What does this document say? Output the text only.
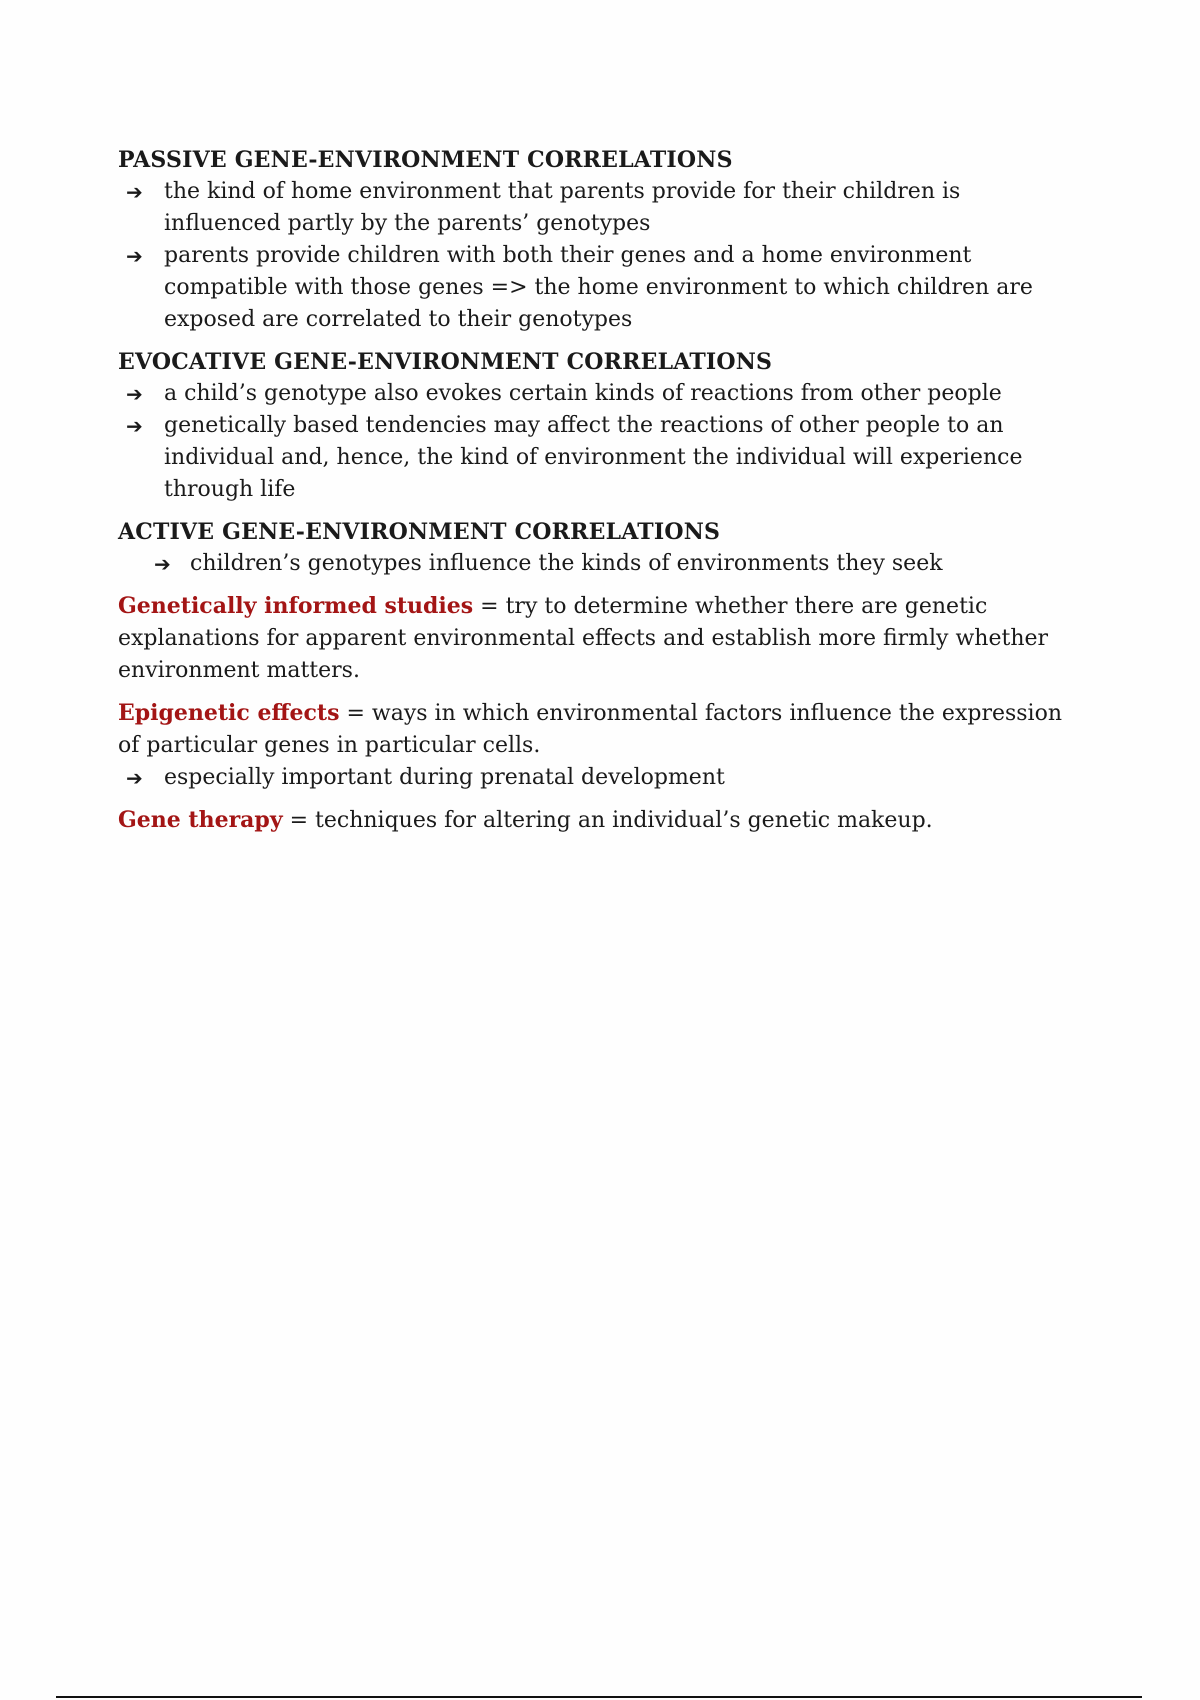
PASSIVE GENE-ENVIRONMENT CORRELATIONS
➔ the kind of home environment that parents provide for their children is influenced partly by the parents’ genotypes
➔ parents provide children with both their genes and a home environment compatible with those genes => the home environment to which children are exposed are correlated to their genotypes
EVOCATIVE GENE-ENVIRONMENT CORRELATIONS
➔ a child’s genotype also evokes certain kinds of reactions from other people
➔ genetically based tendencies may affect the reactions of other people to an individual and, hence, the kind of environment the individual will experience through life
ACTIVE GENE-ENVIRONMENT CORRELATIONS
➔ children’s genotypes influence the kinds of environments they seek

Genetically informed studies = try to determine whether there are genetic explanations for apparent environmental effects and establish more firmly whether environment matters.

Epigenetic effects = ways in which environmental factors influence the expression of particular genes in particular cells.

➔ especially important during prenatal development

Gene therapy = techniques for altering an individual’s genetic makeup.
